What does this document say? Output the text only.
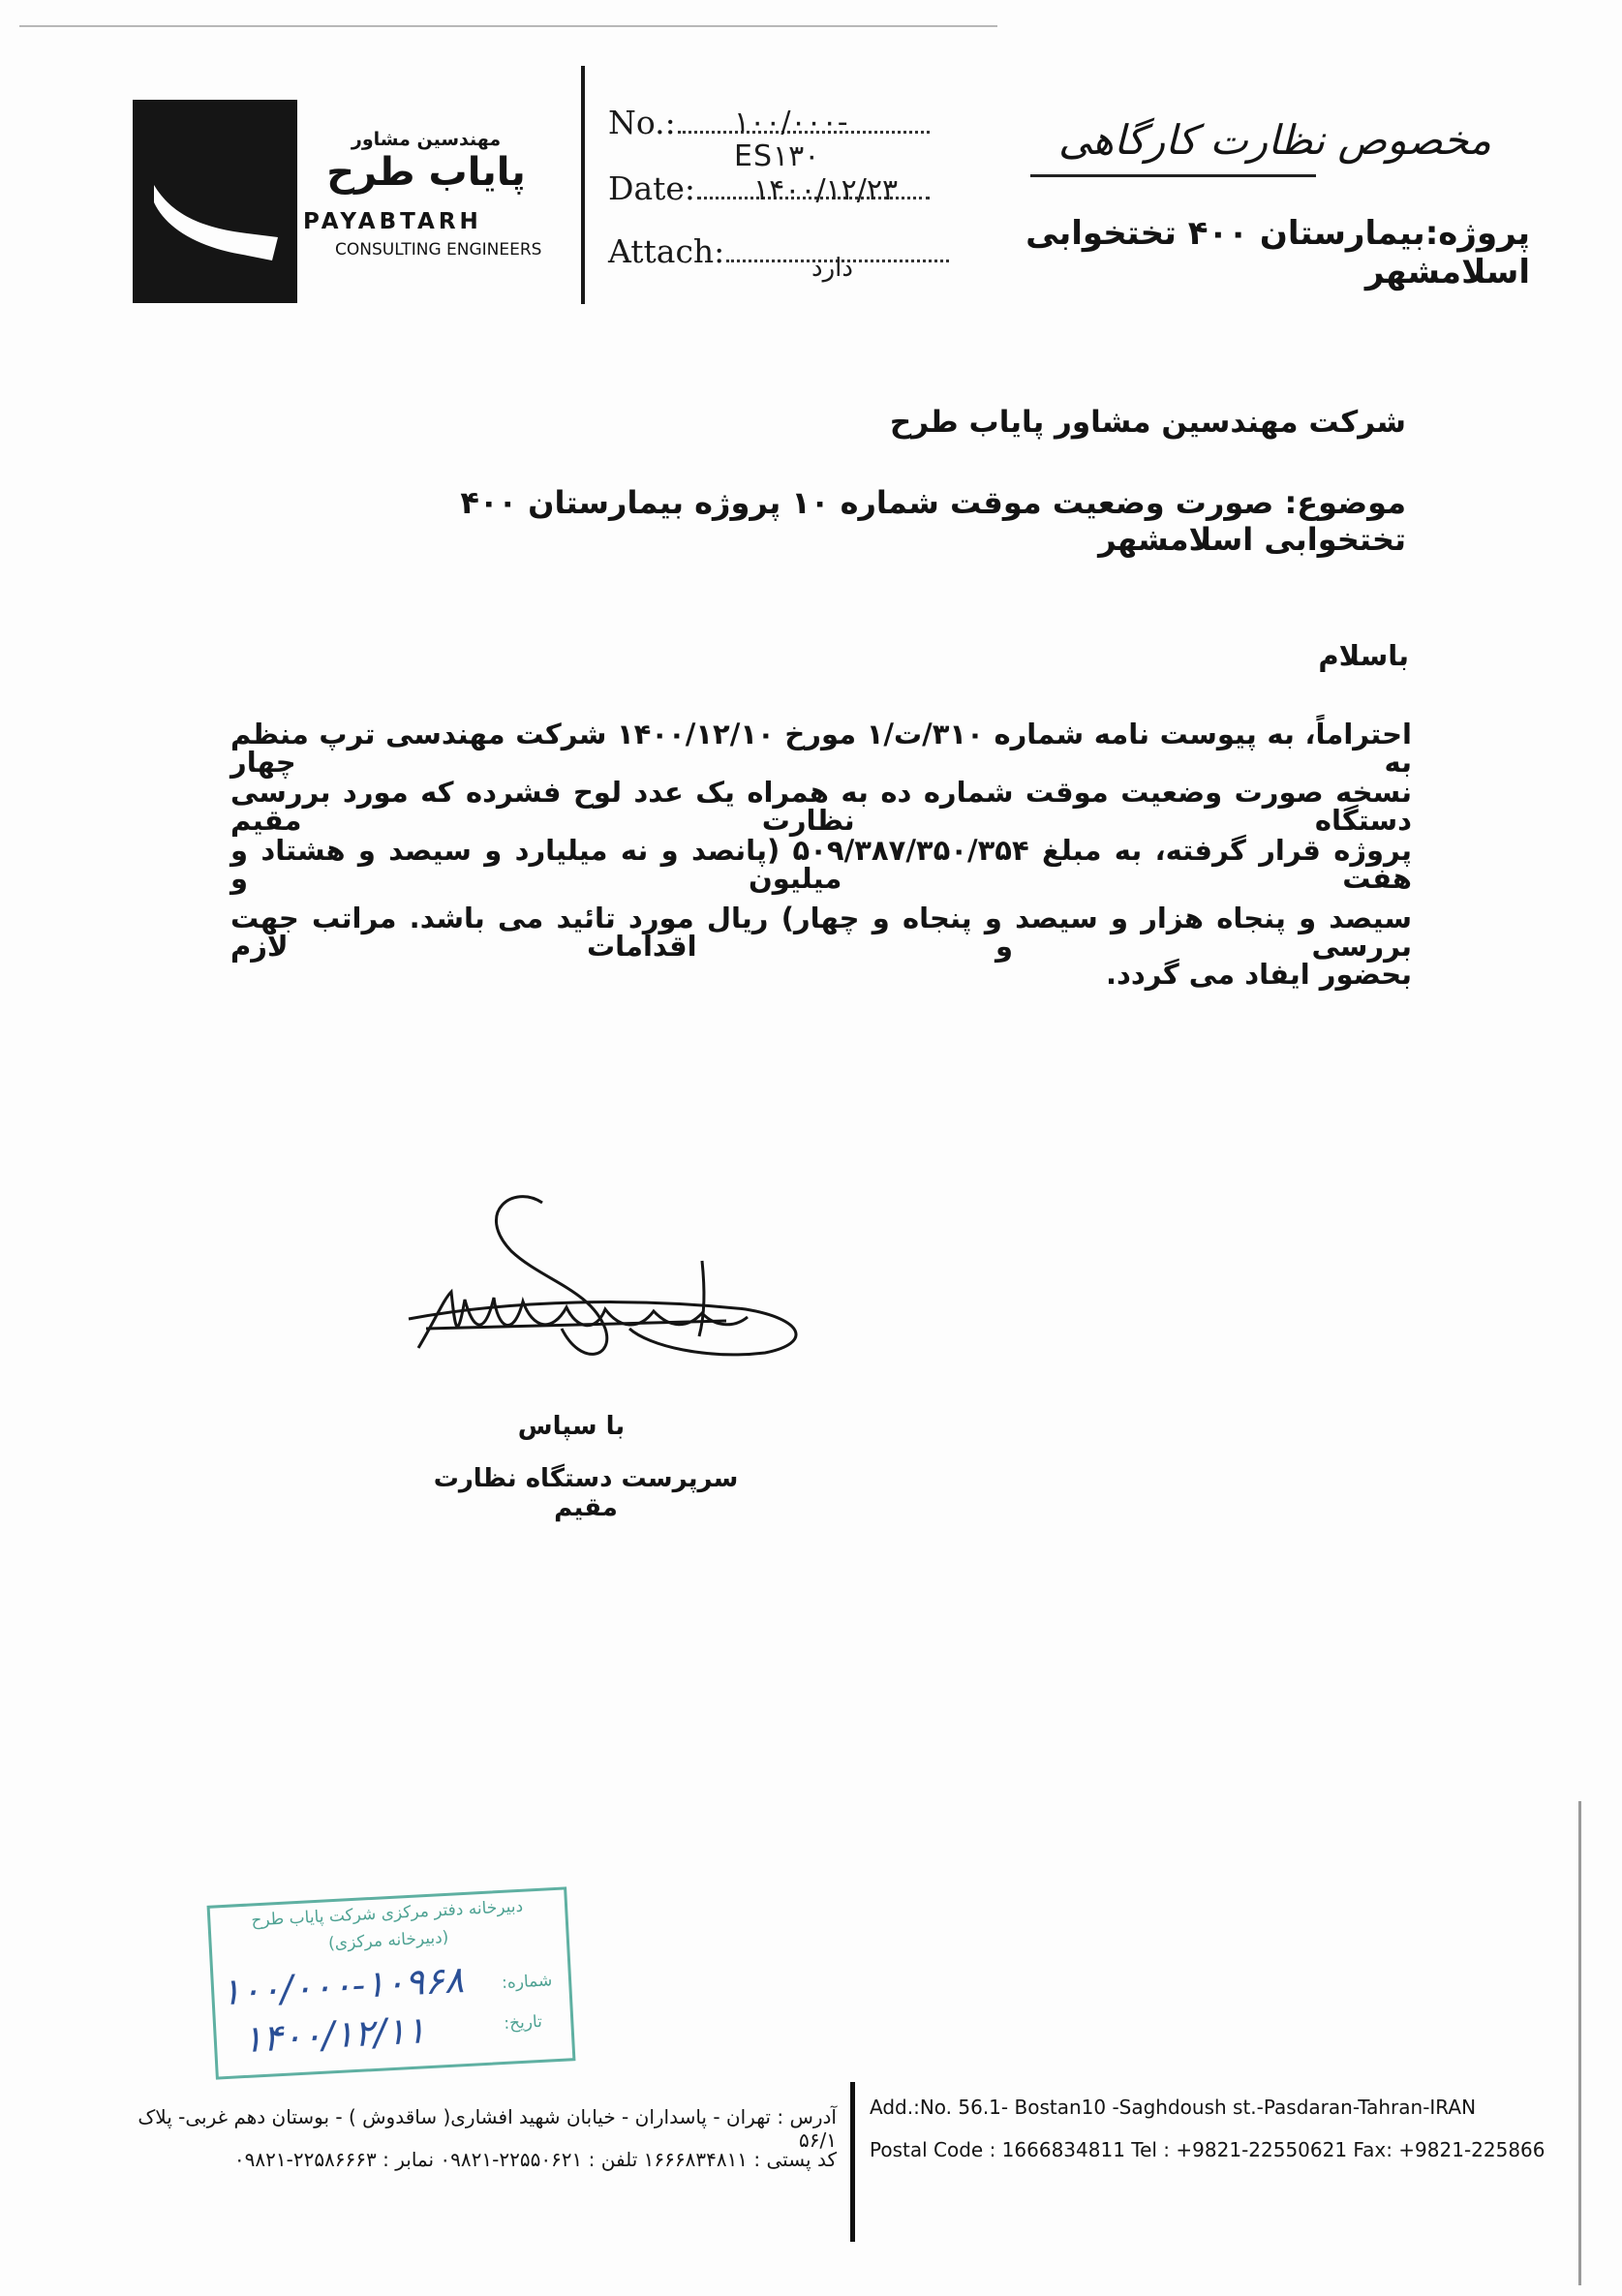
مهندسین مشاور
پایاب طرح
PAYABTARH
CONSULTING ENGINEERS
No.: ۱۰۰/۰۰۰-ES۱۳۰
Date: ۱۴۰۰/۱۲/۲۳
Attach:	دارد
مخصوص نظارت کارگاهی
پروژه:بیمارستان ۴۰۰ تختخوابی اسلامشهر
شرکت مهندسین مشاور پایاب طرح
موضوع: صورت وضعیت موقت شماره ۱۰ پروژه بیمارستان ۴۰۰ تختخوابی اسلامشهر
باسلام
احتراماً، به پیوست نامه شماره ۳۱۰/ت/۱ مورخ ۱۴۰۰/۱۲/۱۰ شرکت مهندسی ترپ منظم به چهار
نسخه صورت وضعیت موقت شماره ده به همراه یک عدد لوح فشرده که مورد بررسی دستگاه نظارت مقیم
پروژه قرار گرفته، به مبلغ ۵۰۹/۳۸۷/۳۵۰/۳۵۴ (پانصد و نه میلیارد و سیصد و هشتاد و هفت میلیون و
سیصد و پنجاه هزار و سیصد و پنجاه و چهار) ریال مورد تائید می باشد. مراتب جهت بررسی و اقدامات لازم
بحضور ایفاد می گردد.
با سپاس
سرپرست دستگاه نظارت مقیم
دبیرخانه دفتر مرکزی شرکت پایاب طرح
(دبیرخانه مرکزی)
شماره:
تاریخ:
۱۰۰/۰۰۰-۱۰۹۶۸
۱۴۰۰/۱۲/۱۱
آدرس : تهران - پاسداران - خیابان شهید افشاری( ساقدوش ) - بوستان دهم غربی- پلاک ۵۶/۱
کد پستی : ۱۶۶۶۸۳۴۸۱۱ تلفن : ۲۲۵۵۰۶۲۱-۰۹۸۲۱ نمابر : ۲۲۵۸۶۶۶۳-۰۹۸۲۱
Add.:No. 56.1- Bostan10 -Saghdoush st.-Pasdaran-Tahran-IRAN
Postal Code : 1666834811 Tel : +9821-22550621 Fax: +9821-225866
